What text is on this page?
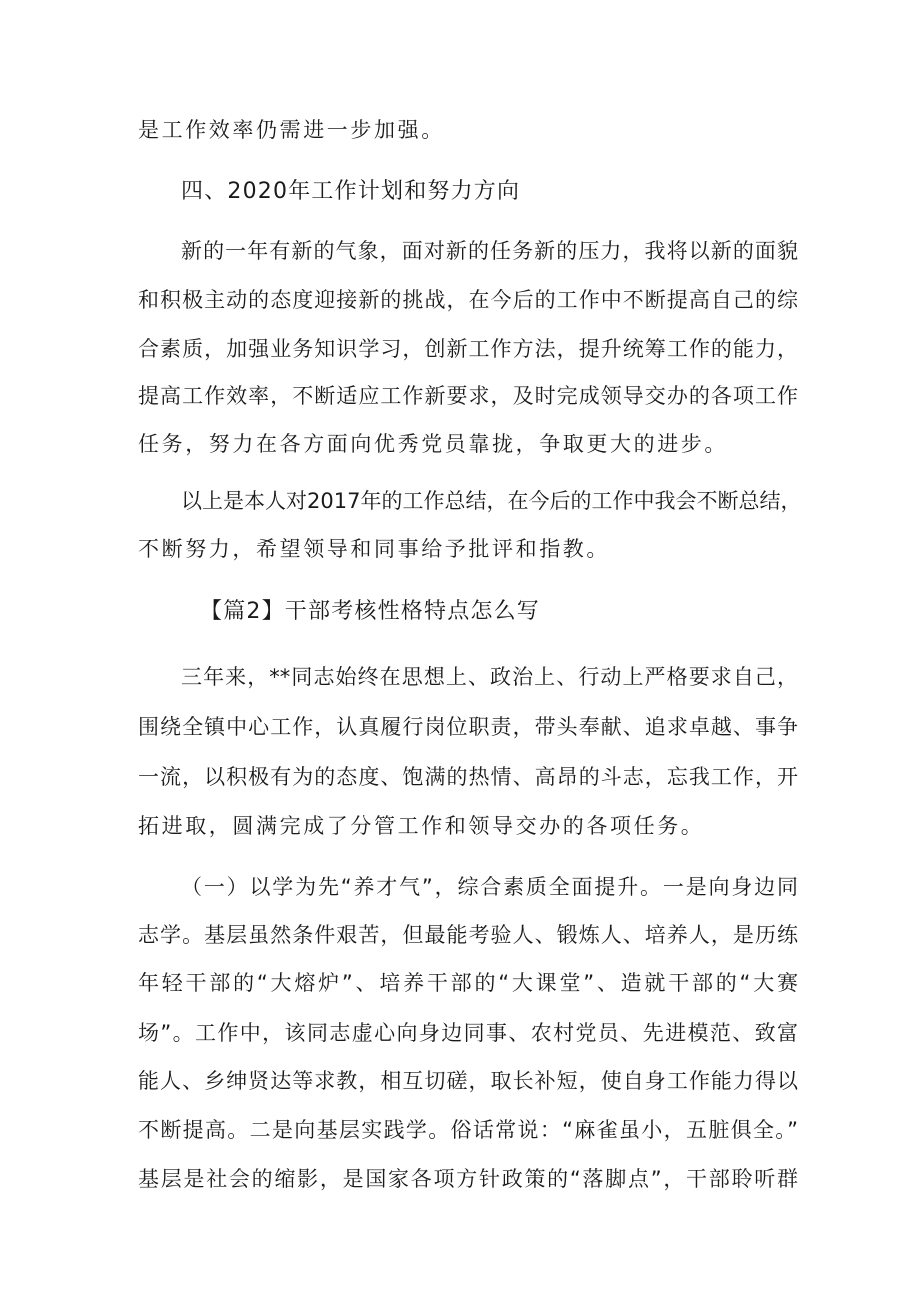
是工作效率仍需进一步加强。
四、2020年工作计划和努力方向
新的一年有新的气象，面对新的任务新的压力，我将以新的面貌
和积极主动的态度迎接新的挑战，在今后的工作中不断提高自己的综
合素质，加强业务知识学习，创新工作方法，提升统筹工作的能力，
提高工作效率，不断适应工作新要求，及时完成领导交办的各项工作
任务，努力在各方面向优秀党员靠拢，争取更大的进步。
以上是本人对2017年的工作总结，在今后的工作中我会不断总结，
不断努力，希望领导和同事给予批评和指教。
【篇2】干部考核性格特点怎么写
三年来，**同志始终在思想上、政治上、行动上严格要求自己，
围绕全镇中心工作，认真履行岗位职责，带头奉献、追求卓越、事争
一流，以积极有为的态度、饱满的热情、高昂的斗志，忘我工作，开
拓进取，圆满完成了分管工作和领导交办的各项任务。
（一）以学为先“养才气”，综合素质全面提升。一是向身边同
志学。基层虽然条件艰苦，但最能考验人、锻炼人、培养人，是历练
年轻干部的“大熔炉”、培养干部的“大课堂”、造就干部的“大赛
场”。工作中，该同志虚心向身边同事、农村党员、先进模范、致富
能人、乡绅贤达等求教，相互切磋，取长补短，使自身工作能力得以
不断提高。二是向基层实践学。俗话常说：“麻雀虽小，五脏俱全。”
基层是社会的缩影，是国家各项方针政策的“落脚点”，干部聆听群
